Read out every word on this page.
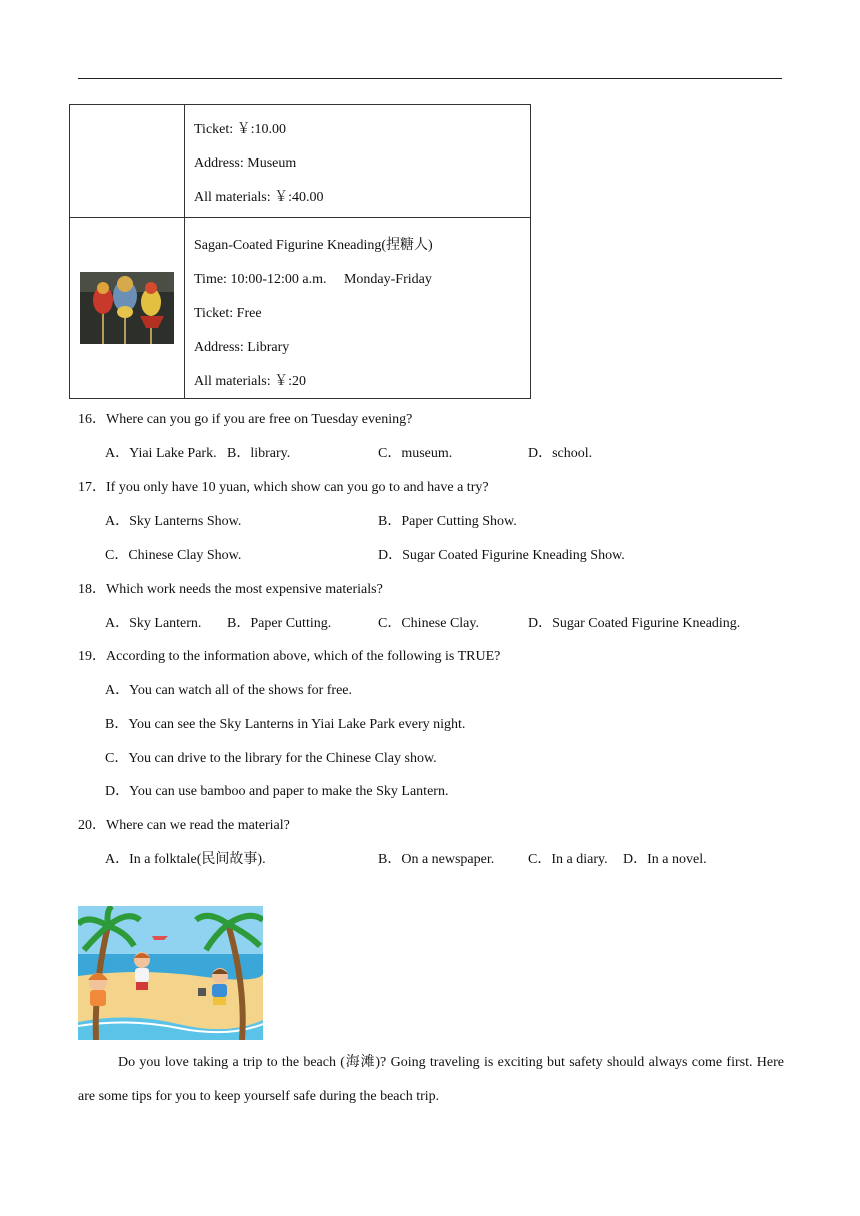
	Ticket: ￥:10.00
Address: Museum
All materials: ￥:40.00

Sagan-Coated Figurine Kneading(捏糖人)
Time: 10:00-12:00 a.m.     Monday-Friday
Ticket: Free
Address: Library
All materials: ￥:20
16．Where can you go if you are free on Tuesday evening?
A．Yiai Lake Park. B．library.	C．museum.	D．school.
17．If you only have 10 yuan, which show can you go to and have a try?
A．Sky Lanterns Show.	B．Paper Cutting Show.
C．Chinese Clay Show.	D．Sugar Coated Figurine Kneading Show.
18．Which work needs the most expensive materials?
A．Sky Lantern. B．Paper Cutting.	C．Chinese Clay.	D．Sugar Coated Figurine Kneading.
19．According to the information above, which of the following is TRUE?
A．You can watch all of the shows for free.
B．You can see the Sky Lanterns in Yiai Lake Park every night.
C．You can drive to the library for the Chinese Clay show.
D．You can use bamboo and paper to make the Sky Lantern.
20．Where can we read the material?
A．In a folktale(民间故事).	B．On a newspaper. C．In a diary. D．In a novel.
Do you love taking a trip to the beach (海滩)? Going traveling is exciting but safety should always come first. Here are some tips for you to keep yourself safe during the beach trip.
